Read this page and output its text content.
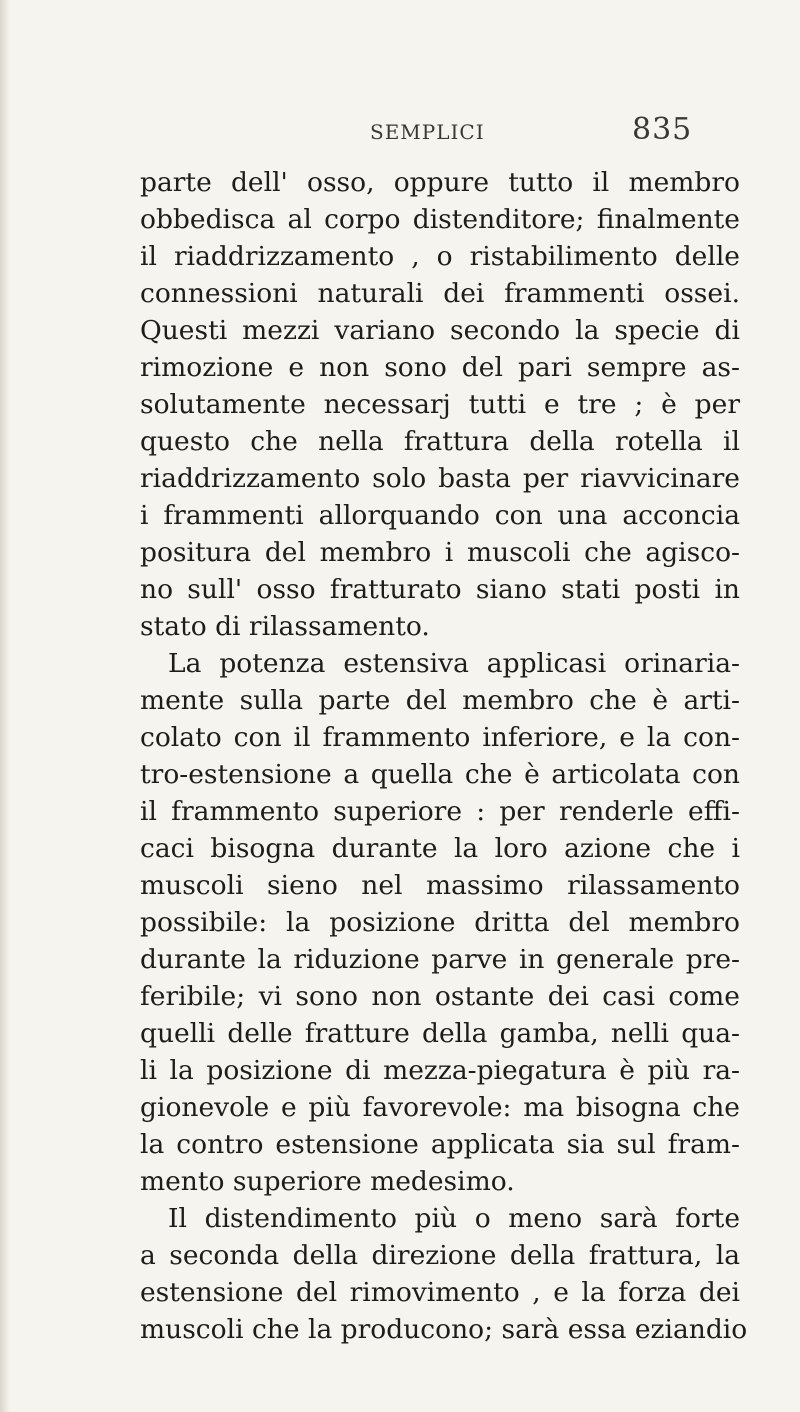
SEMPLICI	835
parte dell' osso, oppure tutto il membro
obbedisca al corpo distenditore; finalmente
il riaddrizzamento , o ristabilimento delle
connessioni naturali dei frammenti ossei.
Questi mezzi variano secondo la specie di
rimozione e non sono del pari sempre as-
solutamente necessarj tutti e tre ; è per
questo che nella frattura della rotella il
riaddrizzamento solo basta per riavvicinare
i frammenti allorquando con una acconcia
positura del membro i muscoli che agisco-
no sull' osso fratturato siano stati posti in
stato di rilassamento.
La potenza estensiva applicasi orinaria-
mente sulla parte del membro che è arti-
colato con il frammento inferiore, e la con-
tro-estensione a quella che è articolata con
il frammento superiore : per renderle effi-
caci bisogna durante la loro azione che i
muscoli sieno nel massimo rilassamento
possibile: la posizione dritta del membro
durante la riduzione parve in generale pre-
feribile; vi sono non ostante dei casi come
quelli delle fratture della gamba, nelli qua-
li la posizione di mezza-piegatura è più ra-
gionevole e più favorevole: ma bisogna che
la contro estensione applicata sia sul fram-
mento superiore medesimo.
Il distendimento più o meno sarà forte
a seconda della direzione della frattura, la
estensione del rimovimento , e la forza dei
muscoli che la producono; sarà essa eziandio
